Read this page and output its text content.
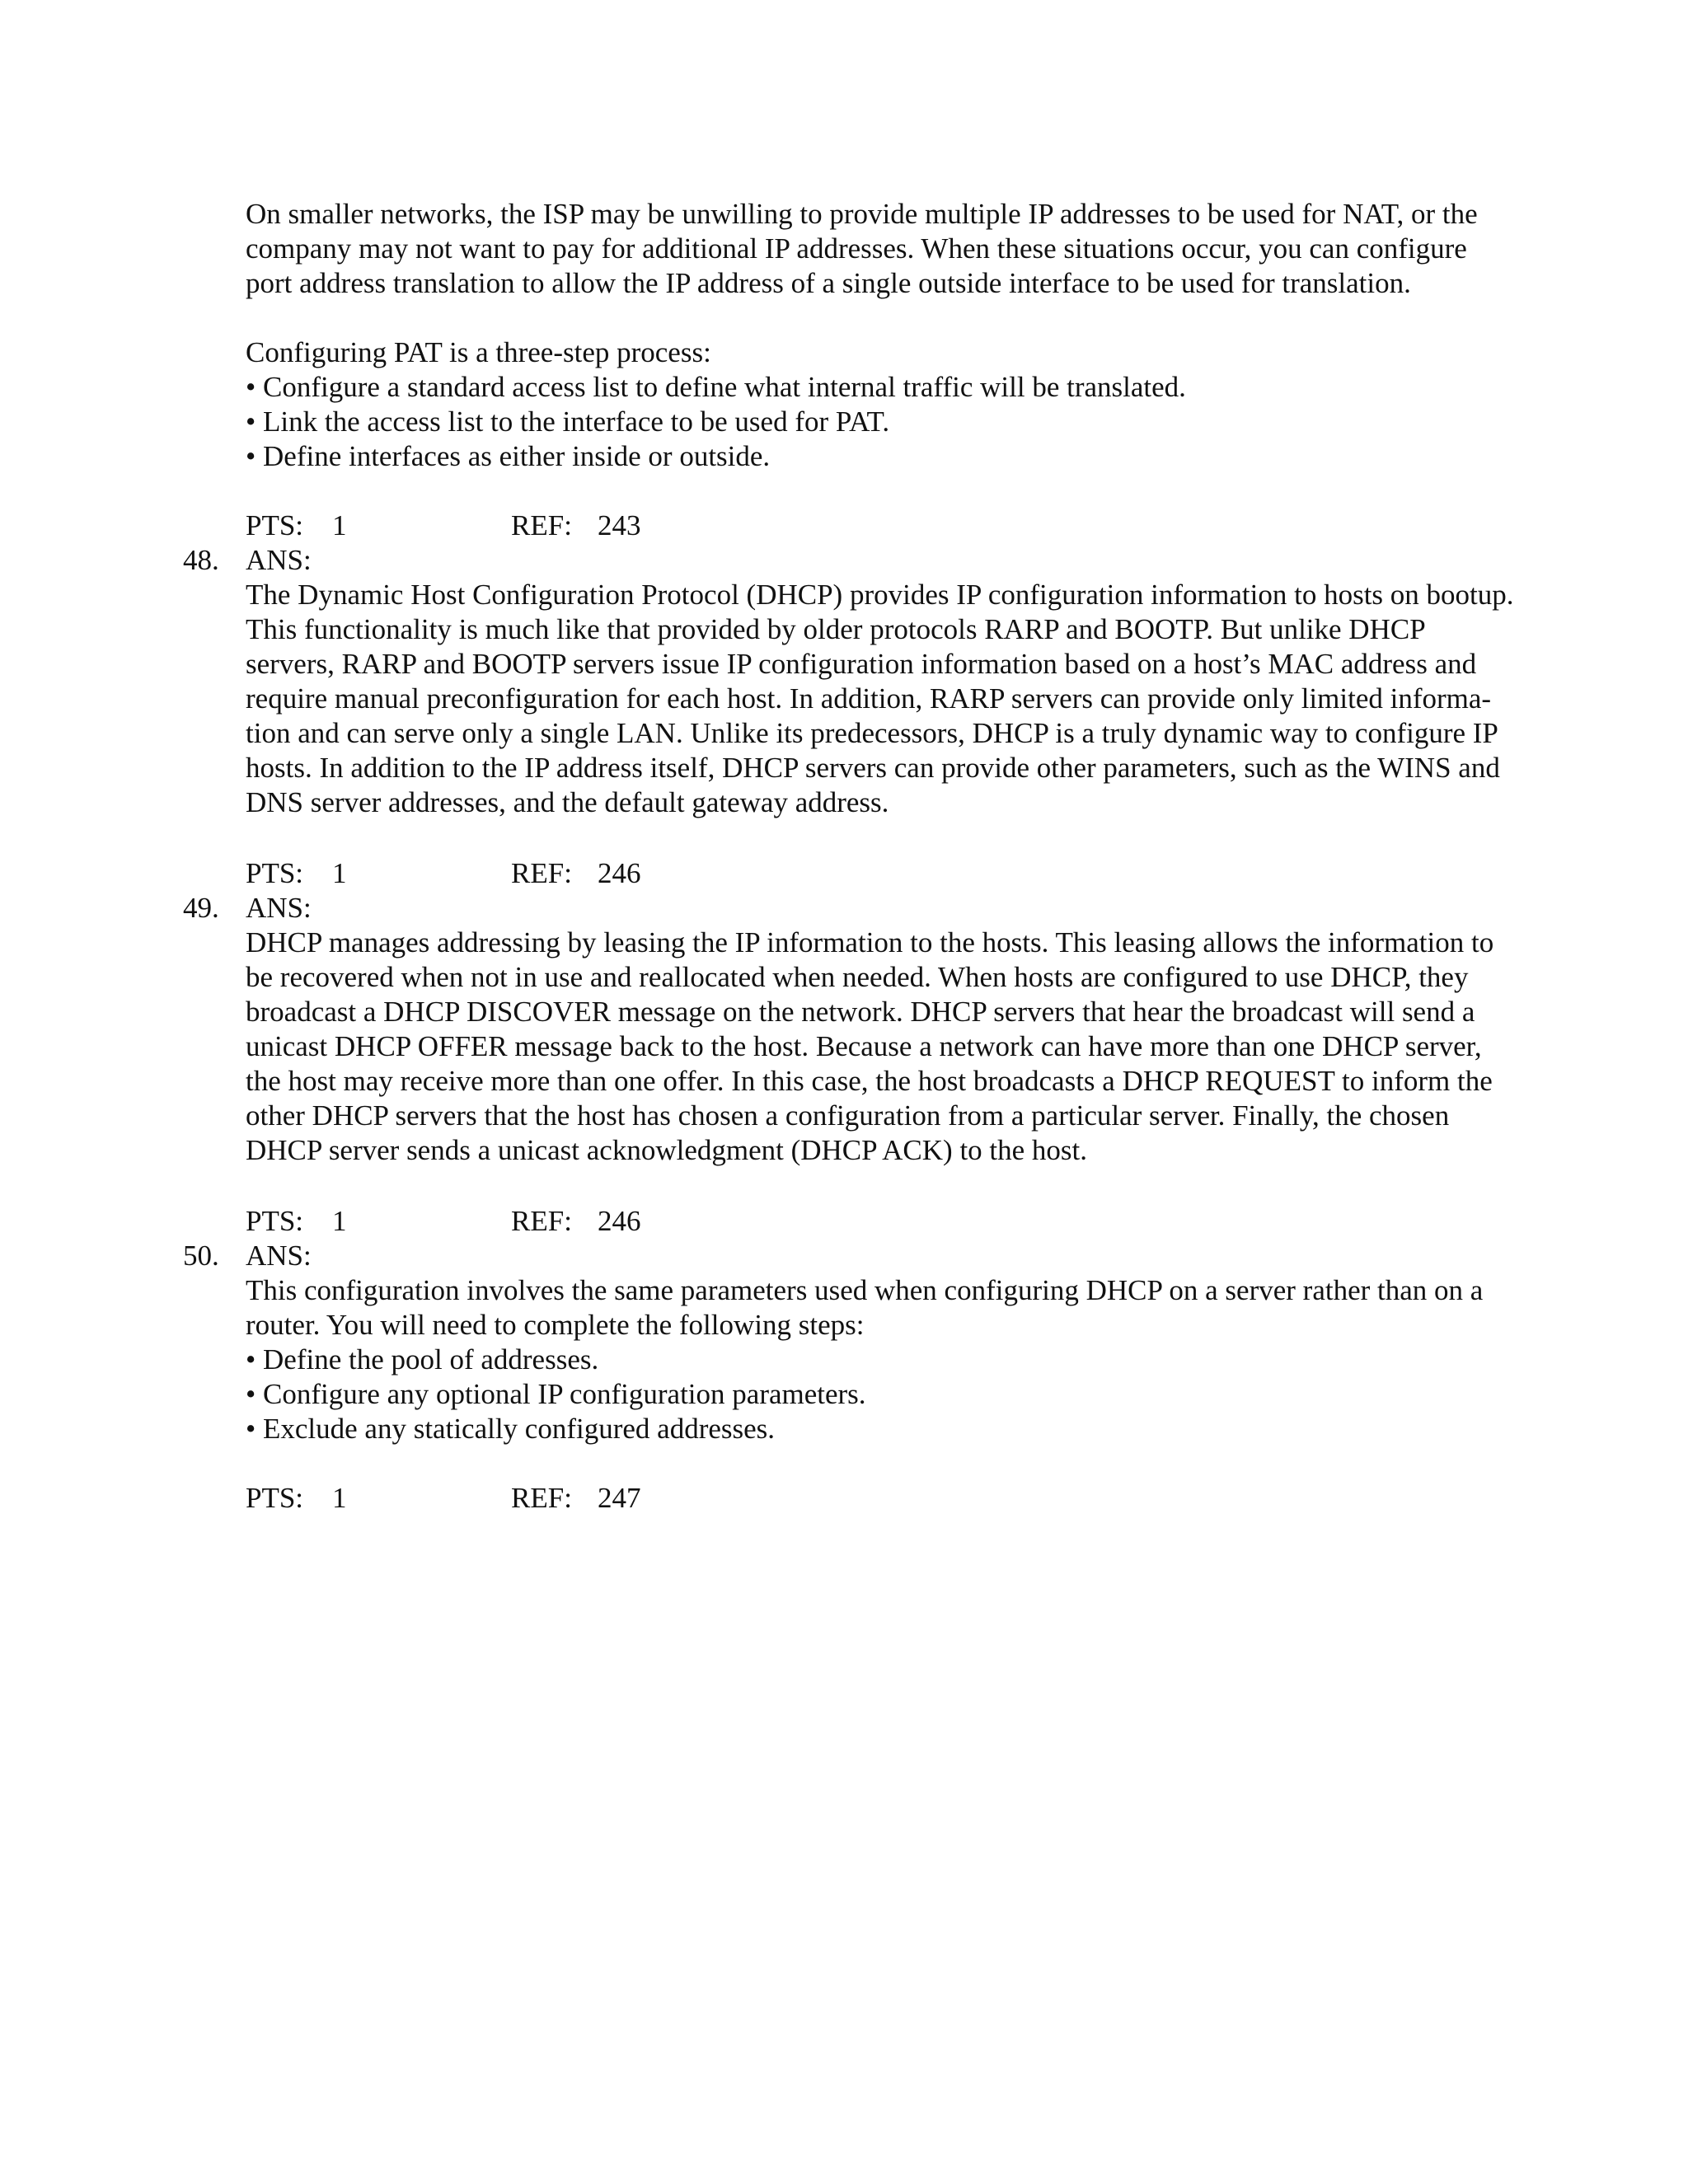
On smaller networks, the ISP may be unwilling to provide multiple IP addresses to be used for NAT, or the
company may not want to pay for additional IP addresses. When these situations occur, you can configure
port address translation to allow the IP address of a single outside interface to be used for translation.
Configuring PAT is a three-step process:
• Configure a standard access list to define what internal traffic will be translated.
• Link the access list to the interface to be used for PAT.
• Define interfaces as either inside or outside.
PTS: 1	REF: 243
48. ANS:
The Dynamic Host Configuration Protocol (DHCP) provides IP configuration information to hosts on bootup.
This functionality is much like that provided by older protocols RARP and BOOTP. But unlike DHCP
servers, RARP and BOOTP servers issue IP configuration information based on a host’s MAC address and
require manual preconfiguration for each host. In addition, RARP servers can provide only limited informa-
tion and can serve only a single LAN. Unlike its predecessors, DHCP is a truly dynamic way to configure IP
hosts. In addition to the IP address itself, DHCP servers can provide other parameters, such as the WINS and
DNS server addresses, and the default gateway address.
PTS: 1	REF: 246
49. ANS:
DHCP manages addressing by leasing the IP information to the hosts. This leasing allows the information to
be recovered when not in use and reallocated when needed. When hosts are configured to use DHCP, they
broadcast a DHCP DISCOVER message on the network. DHCP servers that hear the broadcast will send a
unicast DHCP OFFER message back to the host. Because a network can have more than one DHCP server,
the host may receive more than one offer. In this case, the host broadcasts a DHCP REQUEST to inform the
other DHCP servers that the host has chosen a configuration from a particular server. Finally, the chosen
DHCP server sends a unicast acknowledgment (DHCP ACK) to the host.
PTS: 1	REF: 246
50. ANS:
This configuration involves the same parameters used when configuring DHCP on a server rather than on a
router. You will need to complete the following steps:
• Define the pool of addresses.
• Configure any optional IP configuration parameters.
• Exclude any statically configured addresses.
PTS: 1	REF: 247
